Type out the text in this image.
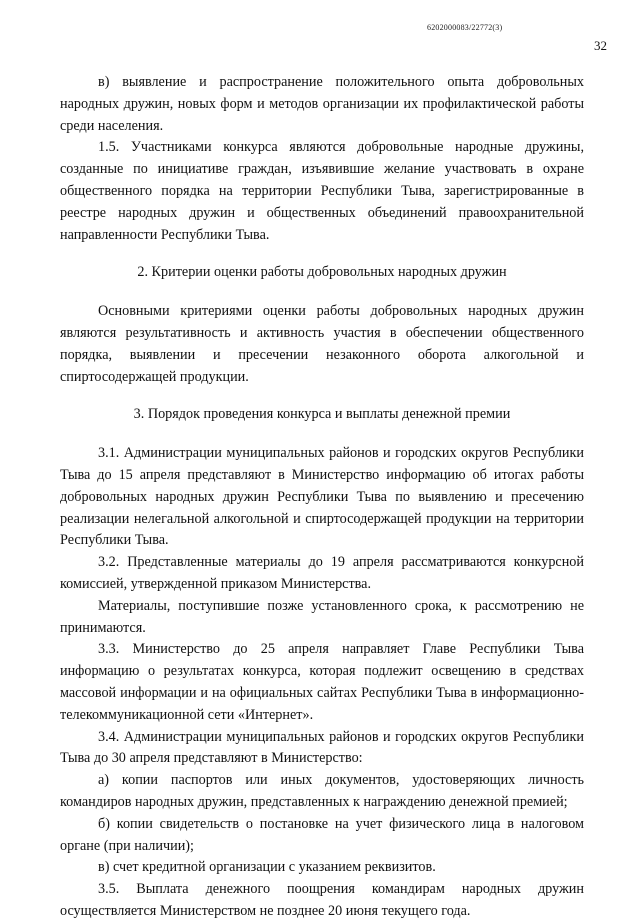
6202000083/22772(3)
32

в) выявление и распространение положительного опыта добровольных народных дружин, новых форм и методов организации их профилактической работы среди населения.

1.5. Участниками конкурса являются добровольные народные дружины, созданные по инициативе граждан, изъявившие желание участвовать в охране общественного порядка на территории Республики Тыва, зарегистрированные в реестре народных дружин и общественных объединений правоохранительной направленности Республики Тыва.

2. Критерии оценки работы добровольных народных дружин

Основными критериями оценки работы добровольных народных дружин являются результативность и активность участия в обеспечении общественного порядка, выявлении и пресечении незаконного оборота алкогольной и спиртосодержащей продукции.

3. Порядок проведения конкурса и выплаты денежной премии

3.1. Администрации муниципальных районов и городских округов Республики Тыва до 15 апреля представляют в Министерство информацию об итогах работы добровольных народных дружин Республики Тыва по выявлению и пресечению реализации нелегальной алкогольной и спиртосодержащей продукции на территории Республики Тыва.

3.2. Представленные материалы до 19 апреля рассматриваются конкурсной комиссией, утвержденной приказом Министерства.

Материалы, поступившие позже установленного срока, к рассмотрению не принимаются.

3.3. Министерство до 25 апреля направляет Главе Республики Тыва информацию о результатах конкурса, которая подлежит освещению в средствах массовой информации и на официальных сайтах Республики Тыва в информационно-телекоммуникационной сети «Интернет».

3.4. Администрации муниципальных районов и городских округов Республики Тыва до 30 апреля представляют в Министерство:

а) копии паспортов или иных документов, удостоверяющих личность командиров народных дружин, представленных к награждению денежной премией;

б) копии свидетельств о постановке на учет физического лица в налоговом органе (при наличии);

в) счет кредитной организации с указанием реквизитов.

3.5. Выплата денежного поощрения командирам народных дружин осуществляется Министерством не позднее 20 июня текущего года.
